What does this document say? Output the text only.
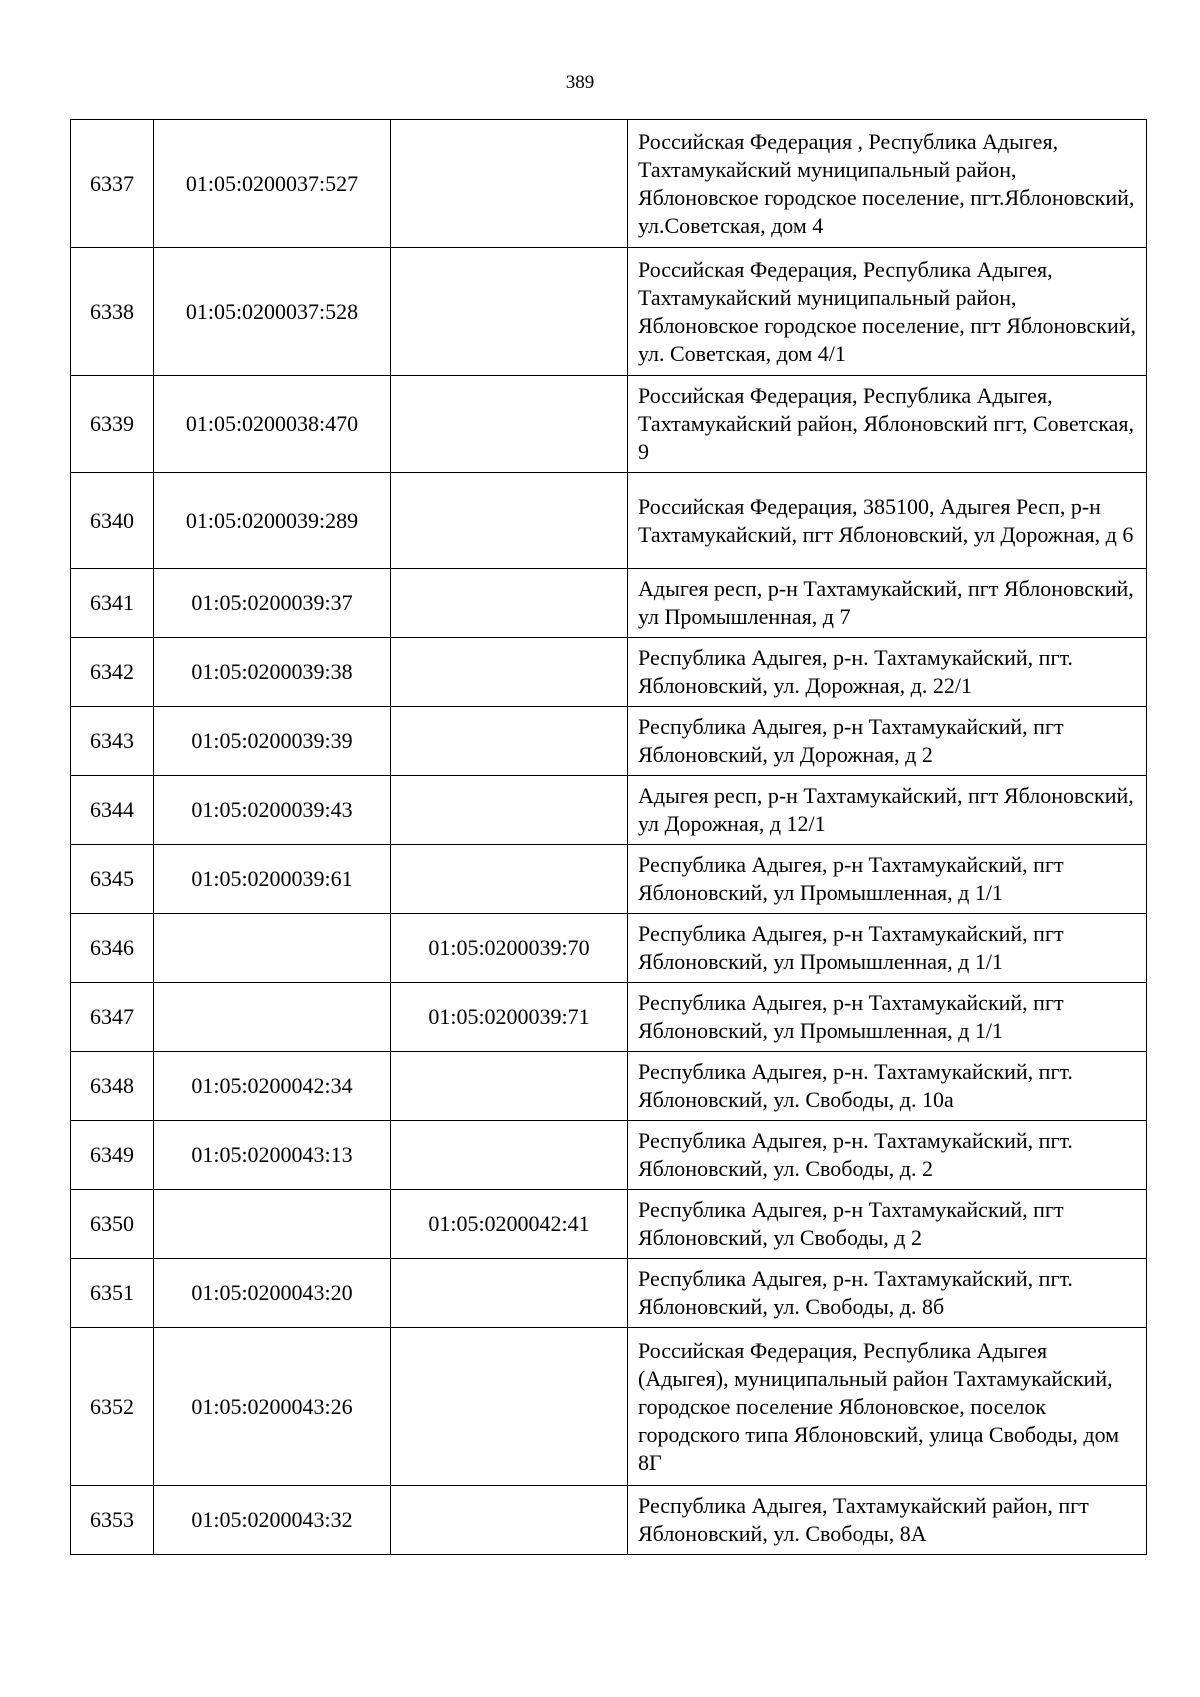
389
6337	01:05:0200037:527		Российская Федерация , Республика Адыгея, Тахтамукайский муниципальный район, Яблоновское городское поселение, пгт.Яблоновский, ул.Советская, дом 4
6338	01:05:0200037:528		Российская Федерация, Республика Адыгея, Тахтамукайский муниципальный район, Яблоновское городское поселение, пгт Яблоновский, ул. Советская, дом 4/1
6339	01:05:0200038:470		Российская Федерация, Республика Адыгея, Тахтамукайский район, Яблоновский пгт, Советская, 9
6340	01:05:0200039:289		Российская Федерация, 385100, Адыгея Респ, р-н Тахтамукайский, пгт Яблоновский, ул Дорожная, д 6
6341	01:05:0200039:37		Адыгея респ, р-н Тахтамукайский, пгт Яблоновский, ул Промышленная, д 7
6342	01:05:0200039:38		Республика Адыгея, р-н. Тахтамукайский, пгт. Яблоновский, ул. Дорожная, д. 22/1
6343	01:05:0200039:39		Республика Адыгея, р-н Тахтамукайский, пгт Яблоновский, ул Дорожная, д 2
6344	01:05:0200039:43		Адыгея респ, р-н Тахтамукайский, пгт Яблоновский, ул Дорожная, д 12/1
6345	01:05:0200039:61		Республика Адыгея, р-н Тахтамукайский, пгт Яблоновский, ул Промышленная, д 1/1
6346		01:05:0200039:70	Республика Адыгея, р-н Тахтамукайский, пгт Яблоновский, ул Промышленная, д 1/1
6347		01:05:0200039:71	Республика Адыгея, р-н Тахтамукайский, пгт Яблоновский, ул Промышленная, д 1/1
6348	01:05:0200042:34		Республика Адыгея, р-н. Тахтамукайский, пгт. Яблоновский, ул. Свободы, д. 10а
6349	01:05:0200043:13		Республика Адыгея, р-н. Тахтамукайский, пгт. Яблоновский, ул. Свободы, д. 2
6350		01:05:0200042:41	Республика Адыгея, р-н Тахтамукайский, пгт Яблоновский, ул Свободы, д 2
6351	01:05:0200043:20		Республика Адыгея, р-н. Тахтамукайский, пгт. Яблоновский, ул. Свободы, д. 8б
6352	01:05:0200043:26		Российская Федерация, Республика Адыгея (Адыгея), муниципальный район Тахтамукайский, городское поселение Яблоновское, поселок городского типа Яблоновский, улица Свободы, дом 8Г
6353	01:05:0200043:32		Республика Адыгея, Тахтамукайский район, пгт Яблоновский, ул. Свободы, 8А
